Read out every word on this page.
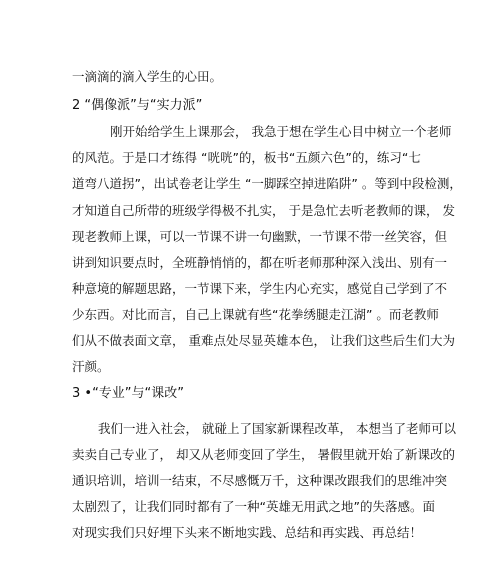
一滴滴的滴入学生的心田。
2 “偶像派”与“实力派”
刚开始给学生上课那会， 我急于想在学生心目中树立一个老师
的风范。于是口才练得 “咣咣”的，板书“五颜六色”的，练习“七
道弯八道拐”，出试卷老让学生 “一脚踩空掉进陷阱” 。等到中段检测，
才知道自己所带的班级学得极不扎实， 于是急忙去听老教师的课， 发
现老教师上课，可以一节课不讲一句幽默，一节课不带一丝笑容，但
讲到知识要点时，全班静悄悄的，都在听老师那种深入浅出、别有一
种意境的解题思路，一节课下来，学生内心充实，感觉自己学到了不
少东西。对比而言，自己上课就有些“花拳绣腿走江湖” 。而老教师
们从不做表面文章， 重难点处尽显英雄本色， 让我们这些后生们大为
汗颜。
3 •“专业”与“课改”
我们一进入社会， 就碰上了国家新课程改革， 本想当了老师可以
卖卖自己专业了， 却又从老师变回了学生， 暑假里就开始了新课改的
通识培训，培训一结束，不尽感慨万千，这种课改跟我们的思维冲突
太剧烈了，让我们同时都有了一种“英雄无用武之地”的失落感。面
对现实我们只好埋下头来不断地实践、总结和再实践、再总结！
